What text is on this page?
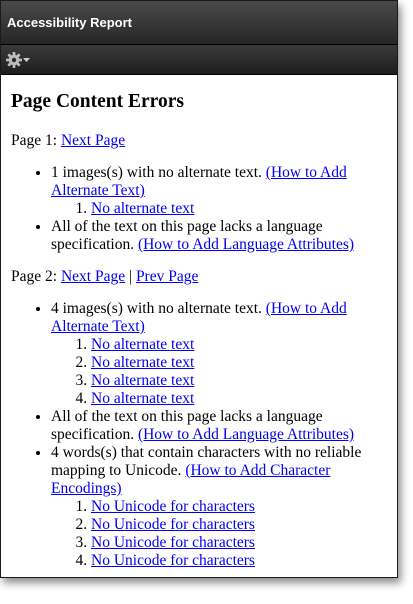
Accessibility Report
Page Content Errors
Page 1: Next Page
• 1 images(s) with no alternate text. (How to Add Alternate Text)
1. No alternate text
• All of the text on this page lacks a language specification. (How to Add Language Attributes)
Page 2: Next Page | Prev Page
• 4 images(s) with no alternate text. (How to Add Alternate Text)
1. No alternate text
2. No alternate text
3. No alternate text
4. No alternate text
• All of the text on this page lacks a language specification. (How to Add Language Attributes)
• 4 words(s) that contain characters with no reliable mapping to Unicode. (How to Add Character Encodings)
1. No Unicode for characters
2. No Unicode for characters
3. No Unicode for characters
4. No Unicode for characters
